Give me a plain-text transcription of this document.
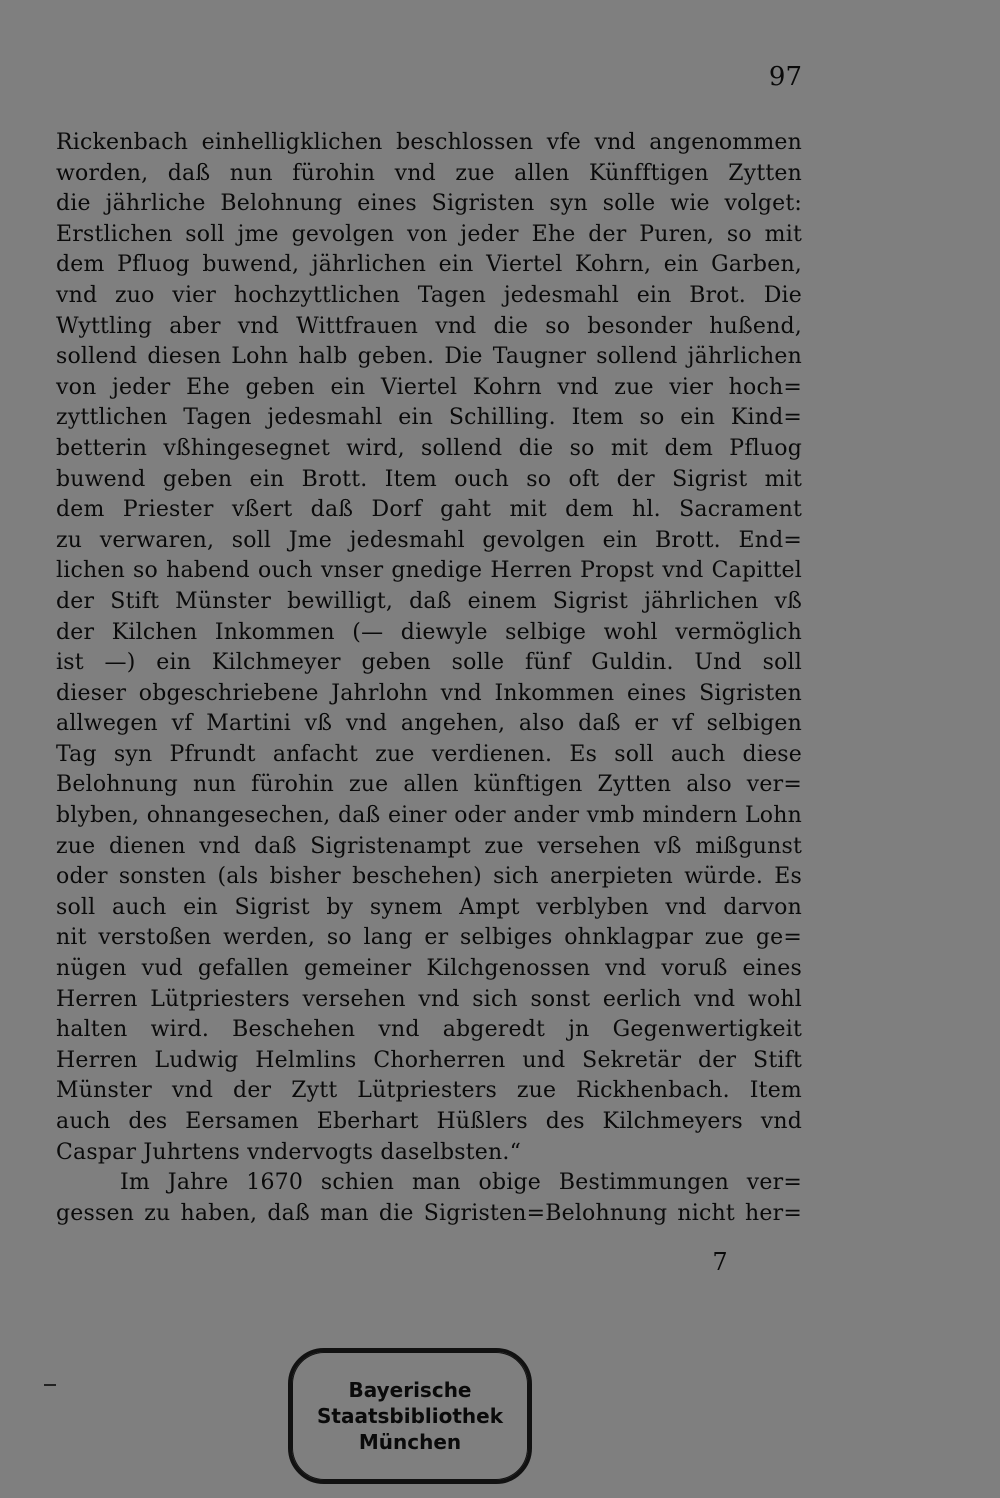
97
Rickenbach einhelligklichen beschlossen vfe vnd angenommen
worden, daß nun fürohin vnd zue allen Künfftigen Zytten
die jährliche Belohnung eines Sigristen syn solle wie volget:
Erstlichen soll jme gevolgen von jeder Ehe der Puren, so mit
dem Pfluog buwend, jährlichen ein Viertel Kohrn, ein Garben,
vnd zuo vier hochzyttlichen Tagen jedesmahl ein Brot. Die
Wyttling aber vnd Wittfrauen vnd die so besonder hußend,
sollend diesen Lohn halb geben. Die Taugner sollend jährlichen
von jeder Ehe geben ein Viertel Kohrn vnd zue vier hoch=
zyttlichen Tagen jedesmahl ein Schilling. Item so ein Kind=
betterin vßhingesegnet wird, sollend die so mit dem Pfluog
buwend geben ein Brott. Item ouch so oft der Sigrist mit
dem Priester vßert daß Dorf gaht mit dem hl. Sacrament
zu verwaren, soll Jme jedesmahl gevolgen ein Brott. End=
lichen so habend ouch vnser gnedige Herren Propst vnd Capittel
der Stift Münster bewilligt, daß einem Sigrist jährlichen vß
der Kilchen Inkommen (— diewyle selbige wohl vermöglich
ist —) ein Kilchmeyer geben solle fünf Guldin. Und soll
dieser obgeschriebene Jahrlohn vnd Inkommen eines Sigristen
allwegen vf Martini vß vnd angehen, also daß er vf selbigen
Tag syn Pfrundt anfacht zue verdienen. Es soll auch diese
Belohnung nun fürohin zue allen künftigen Zytten also ver=
blyben, ohnangesechen, daß einer oder ander vmb mindern Lohn
zue dienen vnd daß Sigristenampt zue versehen vß mißgunst
oder sonsten (als bisher beschehen) sich anerpieten würde. Es
soll auch ein Sigrist by synem Ampt verblyben vnd darvon
nit verstoßen werden, so lang er selbiges ohnklagpar zue ge=
nügen vud gefallen gemeiner Kilchgenossen vnd voruß eines
Herren Lütpriesters versehen vnd sich sonst eerlich vnd wohl
halten wird. Beschehen vnd abgeredt jn Gegenwertigkeit
Herren Ludwig Helmlins Chorherren und Sekretär der Stift
Münster vnd der Zytt Lütpriesters zue Rickhenbach. Item
auch des Eersamen Eberhart Hüßlers des Kilchmeyers vnd
Caspar Juhrtens vndervogts daselbsten.“
Im Jahre 1670 schien man obige Bestimmungen ver=
gessen zu haben, daß man die Sigristen=Belohnung nicht her=
7
Bayerische
Staatsbibliothek
München
